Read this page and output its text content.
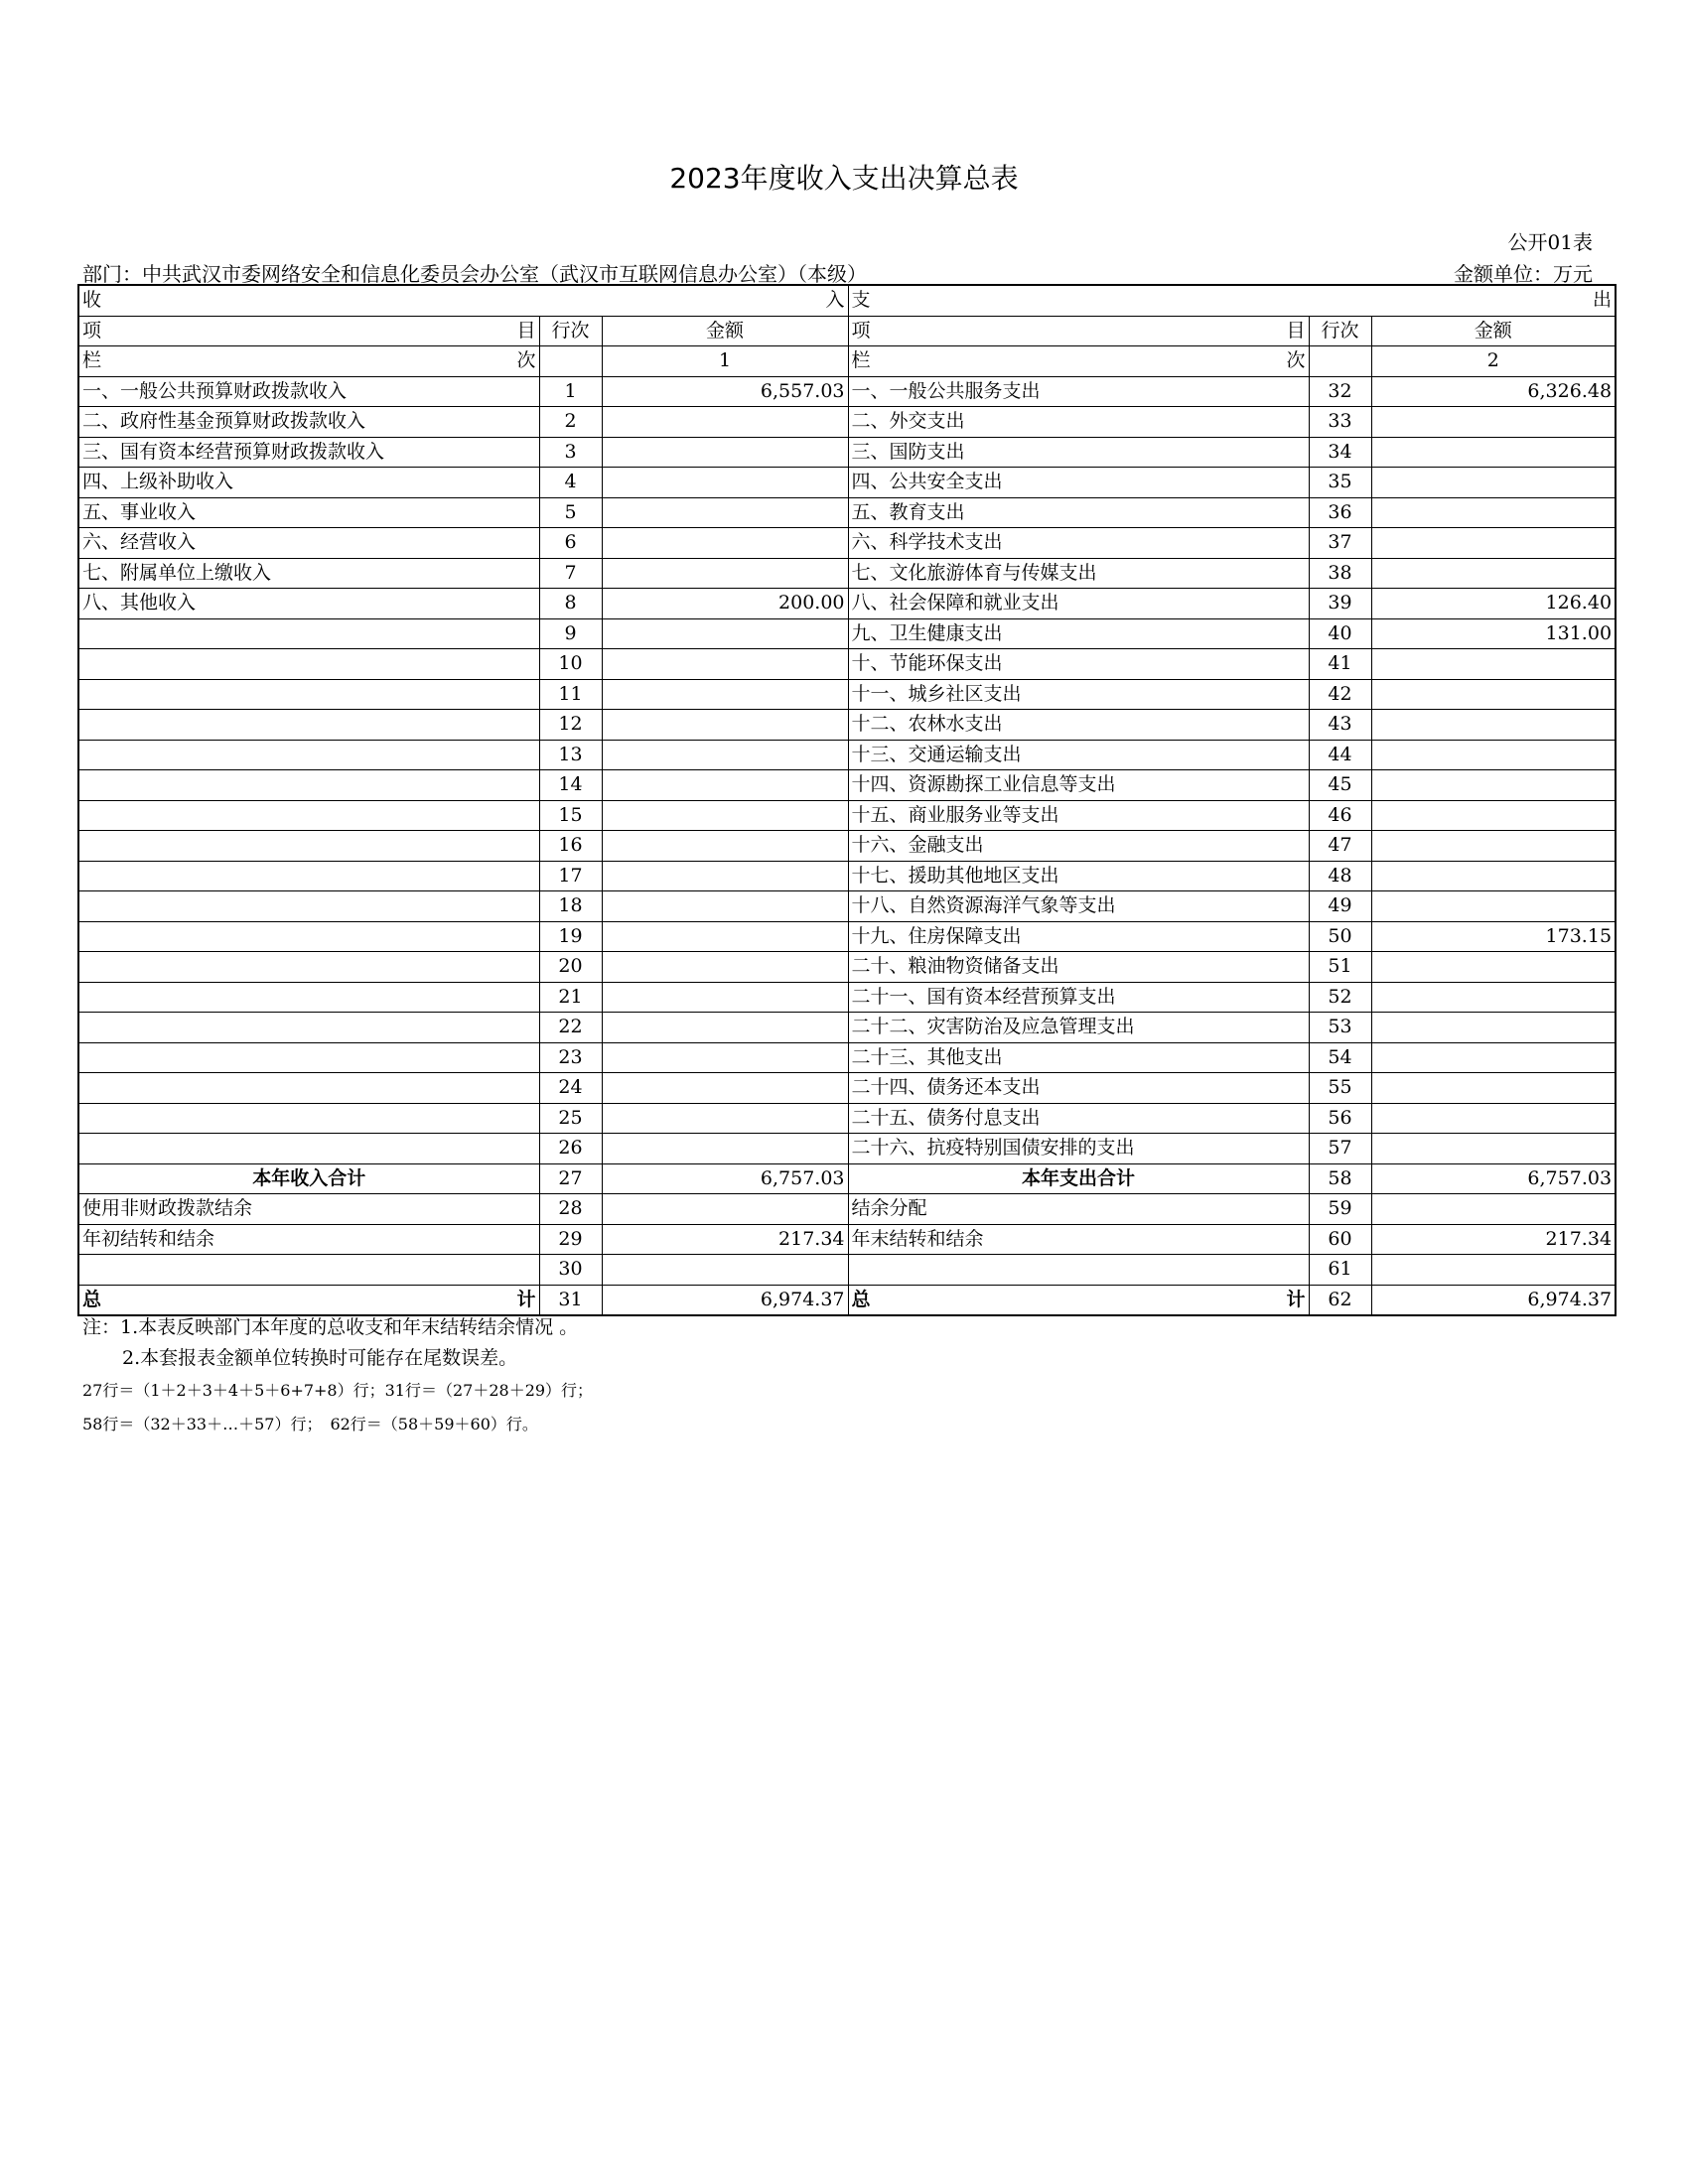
2023年度收入支出决算总表
公开01表
部门：中共武汉市委网络安全和信息化委员会办公室（武汉市互联网信息办公室）（本级）	金额单位：万元
收 入			支 出		

项 目	行次	金额	项 目	行次	金额

栏 次		1	栏 次		2
一、一般公共预算财政拨款收入	1	6,557.03	一、一般公共服务支出	32	6,326.48
二、政府性基金预算财政拨款收入	2		二、外交支出	33	
三、国有资本经营预算财政拨款收入	3		三、国防支出	34	
四、上级补助收入	4		四、公共安全支出	35	
五、事业收入	5		五、教育支出	36	
六、经营收入	6		六、科学技术支出	37	
七、附属单位上缴收入	7		七、文化旅游体育与传媒支出	38	
八、其他收入	8	200.00	八、社会保障和就业支出	39	126.40
	9		九、卫生健康支出	40	131.00
	10		十、节能环保支出	41	
	11		十一、城乡社区支出	42	
	12		十二、农林水支出	43	
	13		十三、交通运输支出	44	
	14		十四、资源勘探工业信息等支出	45	
	15		十五、商业服务业等支出	46	
	16		十六、金融支出	47	
	17		十七、援助其他地区支出	48	
	18		十八、自然资源海洋气象等支出	49	
	19		十九、住房保障支出	50	173.15
	20		二十、粮油物资储备支出	51	
	21		二十一、国有资本经营预算支出	52	
	22		二十二、灾害防治及应急管理支出	53	
	23		二十三、其他支出	54	
	24		二十四、债务还本支出	55	
	25		二十五、债务付息支出	56	
	26		二十六、抗疫特别国债安排的支出	57	
本年收入合计	27	6,757.03	本年支出合计	58	6,757.03
使用非财政拨款结余	28		结余分配	59	
年初结转和结余	29	217.34	年末结转和结余	60	217.34
	30			61	

总 计	31	6,974.37	总 计	62	6,974.37
注：1.本表反映部门本年度的总收支和年末结转结余情况 。
2.本套报表金额单位转换时可能存在尾数误差。
27行＝（1＋2＋3＋4＋5＋6+7+8）行；31行＝（27＋28＋29）行；
58行＝（32＋33＋…＋57）行；　62行＝（58＋59＋60）行。
